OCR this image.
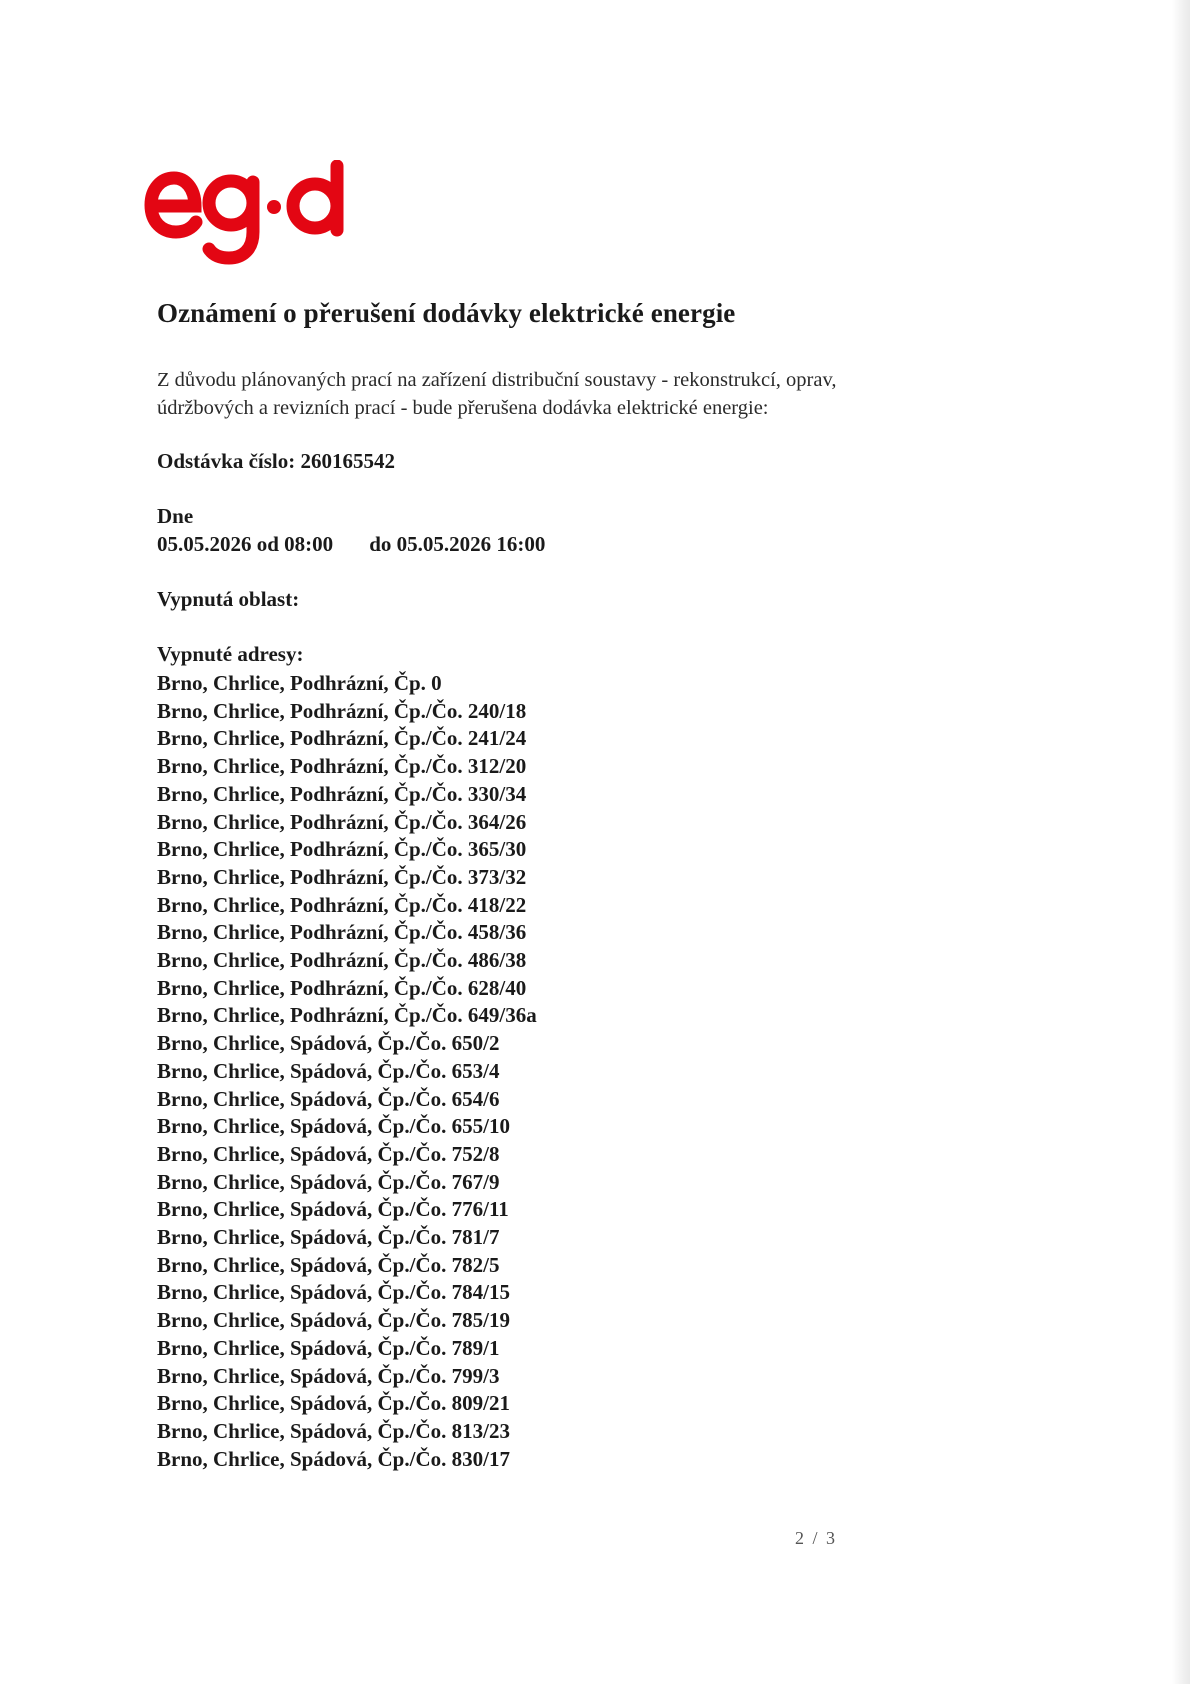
Oznámení o přerušení dodávky elektrické energie
Z důvodu plánovaných prací na zařízení distribuční soustavy - rekonstrukcí, oprav,
údržbových a revizních prací - bude přerušena dodávka elektrické energie:
Odstávka číslo: 260165542
Dne
05.05.2026 od 08:00 do 05.05.2026 16:00
Vypnutá oblast:
Vypnuté adresy:
Brno, Chrlice, Podhrázní, Čp. 0
Brno, Chrlice, Podhrázní, Čp./Čo. 240/18
Brno, Chrlice, Podhrázní, Čp./Čo. 241/24
Brno, Chrlice, Podhrázní, Čp./Čo. 312/20
Brno, Chrlice, Podhrázní, Čp./Čo. 330/34
Brno, Chrlice, Podhrázní, Čp./Čo. 364/26
Brno, Chrlice, Podhrázní, Čp./Čo. 365/30
Brno, Chrlice, Podhrázní, Čp./Čo. 373/32
Brno, Chrlice, Podhrázní, Čp./Čo. 418/22
Brno, Chrlice, Podhrázní, Čp./Čo. 458/36
Brno, Chrlice, Podhrázní, Čp./Čo. 486/38
Brno, Chrlice, Podhrázní, Čp./Čo. 628/40
Brno, Chrlice, Podhrázní, Čp./Čo. 649/36a
Brno, Chrlice, Spádová, Čp./Čo. 650/2
Brno, Chrlice, Spádová, Čp./Čo. 653/4
Brno, Chrlice, Spádová, Čp./Čo. 654/6
Brno, Chrlice, Spádová, Čp./Čo. 655/10
Brno, Chrlice, Spádová, Čp./Čo. 752/8
Brno, Chrlice, Spádová, Čp./Čo. 767/9
Brno, Chrlice, Spádová, Čp./Čo. 776/11
Brno, Chrlice, Spádová, Čp./Čo. 781/7
Brno, Chrlice, Spádová, Čp./Čo. 782/5
Brno, Chrlice, Spádová, Čp./Čo. 784/15
Brno, Chrlice, Spádová, Čp./Čo. 785/19
Brno, Chrlice, Spádová, Čp./Čo. 789/1
Brno, Chrlice, Spádová, Čp./Čo. 799/3
Brno, Chrlice, Spádová, Čp./Čo. 809/21
Brno, Chrlice, Spádová, Čp./Čo. 813/23
Brno, Chrlice, Spádová, Čp./Čo. 830/17
2 / 3
